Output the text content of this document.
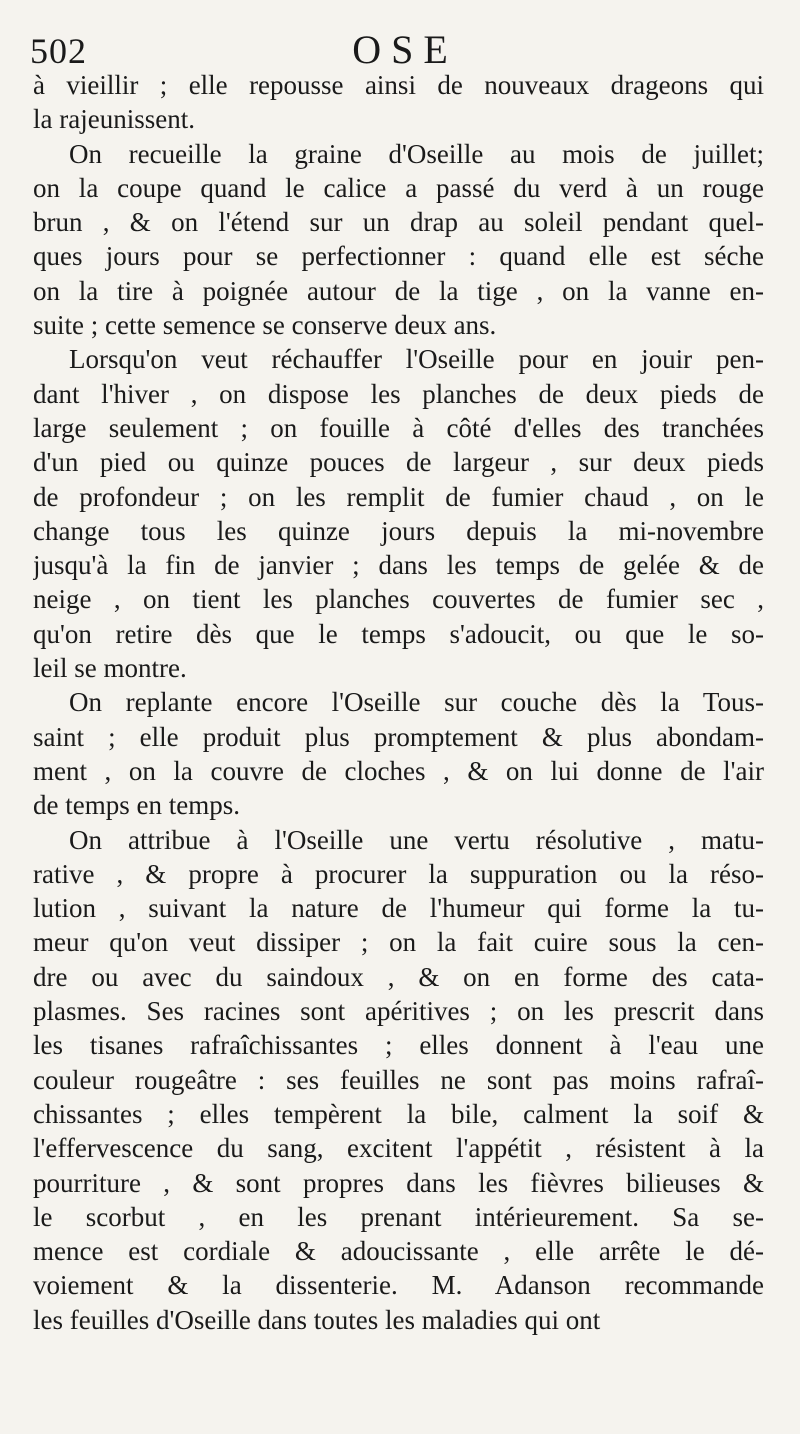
502	OSE
à vieillir ; elle repousse ainsi de nouveaux drageons qui
la rajeunissent.
On recueille la graine d'Oseille au mois de juillet;
on la coupe quand le calice a passé du verd à un rouge
brun , & on l'étend sur un drap au soleil pendant quel-
ques jours pour se perfectionner : quand elle est séche
on la tire à poignée autour de la tige , on la vanne en-
suite ; cette semence se conserve deux ans.
Lorsqu'on veut réchauffer l'Oseille pour en jouir pen-
dant l'hiver , on dispose les planches de deux pieds de
large seulement ; on fouille à côté d'elles des tranchées
d'un pied ou quinze pouces de largeur , sur deux pieds
de profondeur ; on les remplit de fumier chaud , on le
change tous les quinze jours depuis la mi-novembre
jusqu'à la fin de janvier ; dans les temps de gelée & de
neige , on tient les planches couvertes de fumier sec ,
qu'on retire dès que le temps s'adoucit, ou que le so-
leil se montre.
On replante encore l'Oseille sur couche dès la Tous-
saint ; elle produit plus promptement & plus abondam-
ment , on la couvre de cloches , & on lui donne de l'air
de temps en temps.
On attribue à l'Oseille une vertu résolutive , matu-
rative , & propre à procurer la suppuration ou la réso-
lution , suivant la nature de l'humeur qui forme la tu-
meur qu'on veut dissiper ; on la fait cuire sous la cen-
dre ou avec du saindoux , & on en forme des cata-
plasmes. Ses racines sont apéritives ; on les prescrit dans
les tisanes rafraîchissantes ; elles donnent à l'eau une
couleur rougeâtre : ses feuilles ne sont pas moins rafraî-
chissantes ; elles tempèrent la bile, calment la soif &
l'effervescence du sang, excitent l'appétit , résistent à la
pourriture , & sont propres dans les fièvres bilieuses &
le scorbut , en les prenant intérieurement. Sa se-
mence est cordiale & adoucissante , elle arrête le dé-
voiement & la dissenterie. M. Adanson recommande
les feuilles d'Oseille dans toutes les maladies qui ont
